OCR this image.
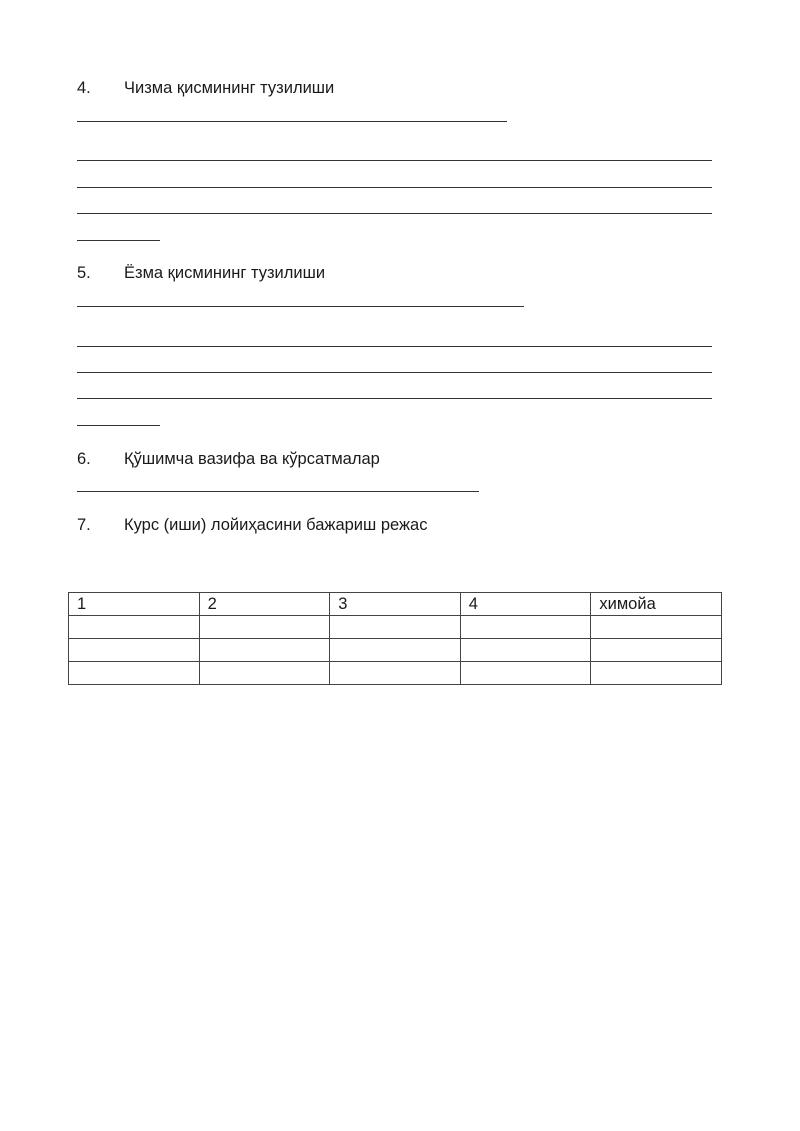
4. Чизма қисмининг тузилиши
5. Ёзма қисмининг тузилиши
6. Қўшимча вазифа ва кўрсатмалар
7. Курс (иши) лойиҳасини бажариш режас
1	2	3	4	химойа
